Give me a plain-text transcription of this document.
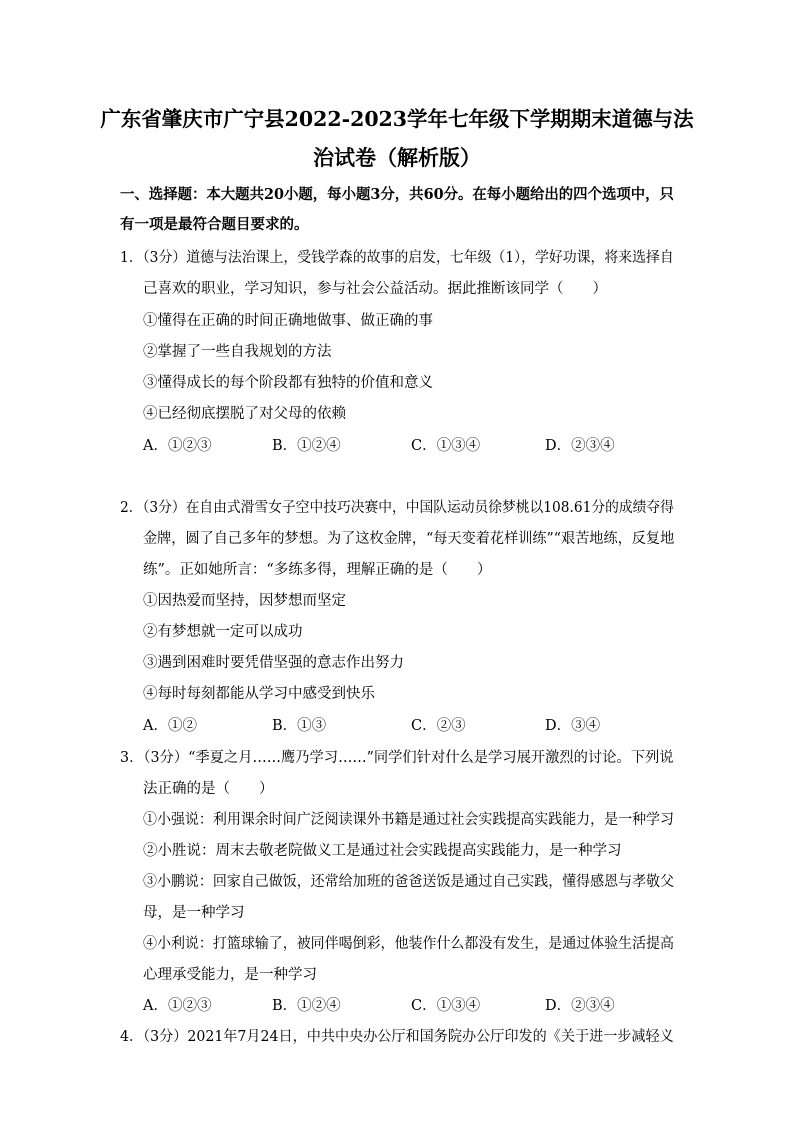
广东省肇庆市广宁县2022-2023学年七年级下学期期末道德与法
治试卷（解析版）
一、选择题：本大题共20小题，每小题3分，共60分。在每小题给出的四个选项中，只
有一项是最符合题目要求的。
1．（3分）道德与法治课上，受钱学森的故事的启发，七年级（1），学好功课，将来选择自
己喜欢的职业，学习知识，参与社会公益活动。据此推断该同学（　　）
①懂得在正确的时间正确地做事、做正确的事
②掌握了一些自我规划的方法
③懂得成长的每个阶段都有独特的价值和意义
④已经彻底摆脱了对父母的依赖
A．①②③	B．①②④	C．①③④	D．②③④
2．（3分）在自由式滑雪女子空中技巧决赛中，中国队运动员徐梦桃以108.61分的成绩夺得
金牌，圆了自己多年的梦想。为了这枚金牌，“每天变着花样训练”“艰苦地练，反复地
练”。正如她所言：“多练多得，理解正确的是（　　）
①因热爱而坚持，因梦想而坚定
②有梦想就一定可以成功
③遇到困难时要凭借坚强的意志作出努力
④每时每刻都能从学习中感受到快乐
A．①②	B．①③	C．②③	D．③④
3．（3分）“季夏之月……鹰乃学习……”同学们针对什么是学习展开激烈的讨论。下列说
法正确的是（　　）
①小强说：利用课余时间广泛阅读课外书籍是通过社会实践提高实践能力，是一种学习
②小胜说：周末去敬老院做义工是通过社会实践提高实践能力，是一种学习
③小鹏说：回家自己做饭，还常给加班的爸爸送饭是通过自己实践，懂得感恩与孝敬父
母，是一种学习
④小利说：打篮球输了，被同伴喝倒彩，他装作什么都没有发生，是通过体验生活提高
心理承受能力，是一种学习
A．①②③	B．①②④	C．①③④	D．②③④
4．（3分）2021年7月24日，中共中央办公厅和国务院办公厅印发的《关于进一步减轻义
